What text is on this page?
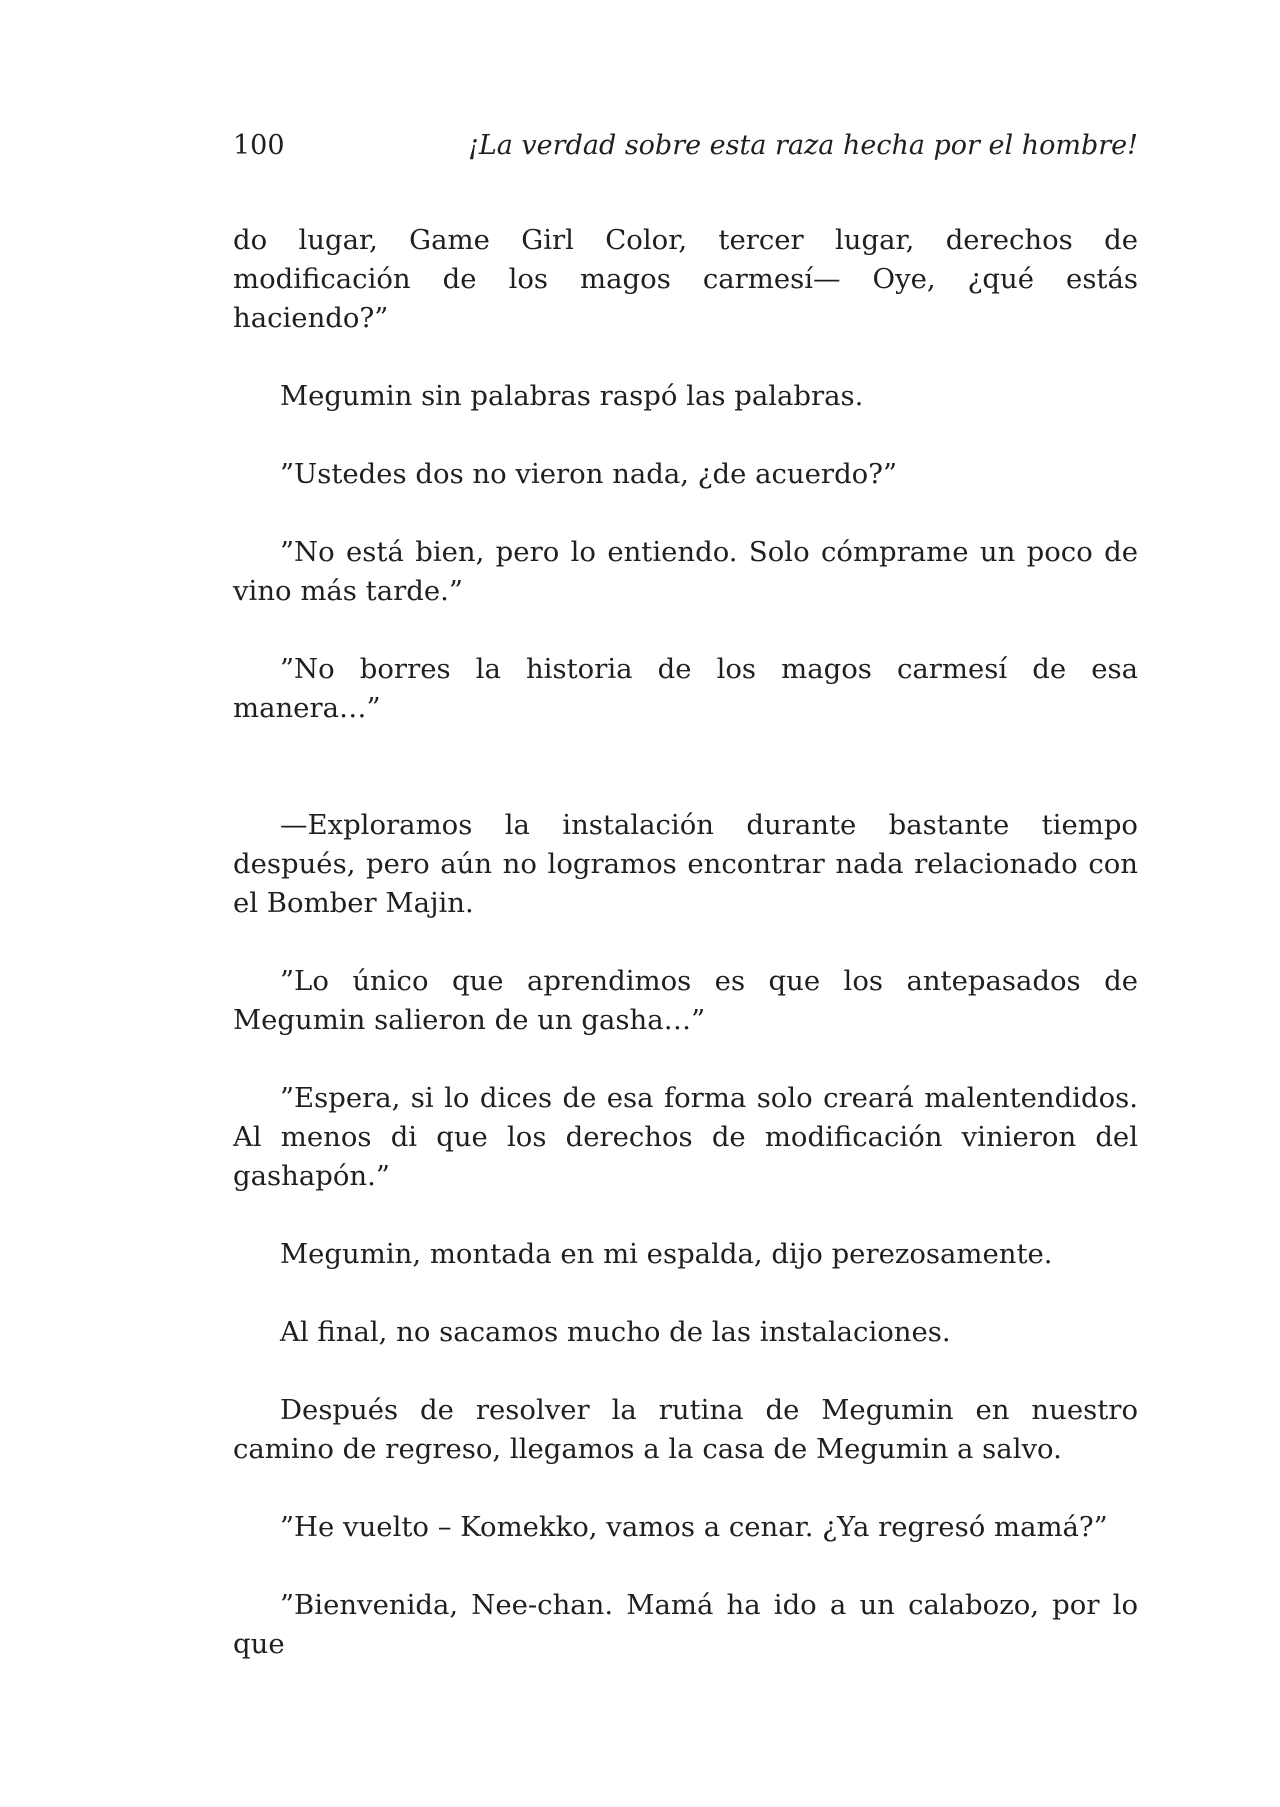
100	¡La verdad sobre esta raza hecha por el hombre!

do lugar, Game Girl Color, tercer lugar, derechos de modificación de los magos carmesí— Oye, ¿qué estás haciendo?”

Megumin sin palabras raspó las palabras.

”Ustedes dos no vieron nada, ¿de acuerdo?”

”No está bien, pero lo entiendo. Solo cómprame un poco de vino más tarde.”

”No borres la historia de los magos carmesí de esa manera…”

—Exploramos la instalación durante bastante tiempo después, pero aún no logramos encontrar nada relacionado con el Bomber Majin.

”Lo único que aprendimos es que los antepasados de Megumin salieron de un gasha…”

”Espera, si lo dices de esa forma solo creará malentendidos. Al menos di que los derechos de modificación vinieron del gashapón.”

Megumin, montada en mi espalda, dijo perezosamente.

Al final, no sacamos mucho de las instalaciones.

Después de resolver la rutina de Megumin en nuestro camino de regreso, llegamos a la casa de Megumin a salvo.

”He vuelto – Komekko, vamos a cenar. ¿Ya regresó mamá?”

”Bienvenida, Nee-chan. Mamá ha ido a un calabozo, por lo que
